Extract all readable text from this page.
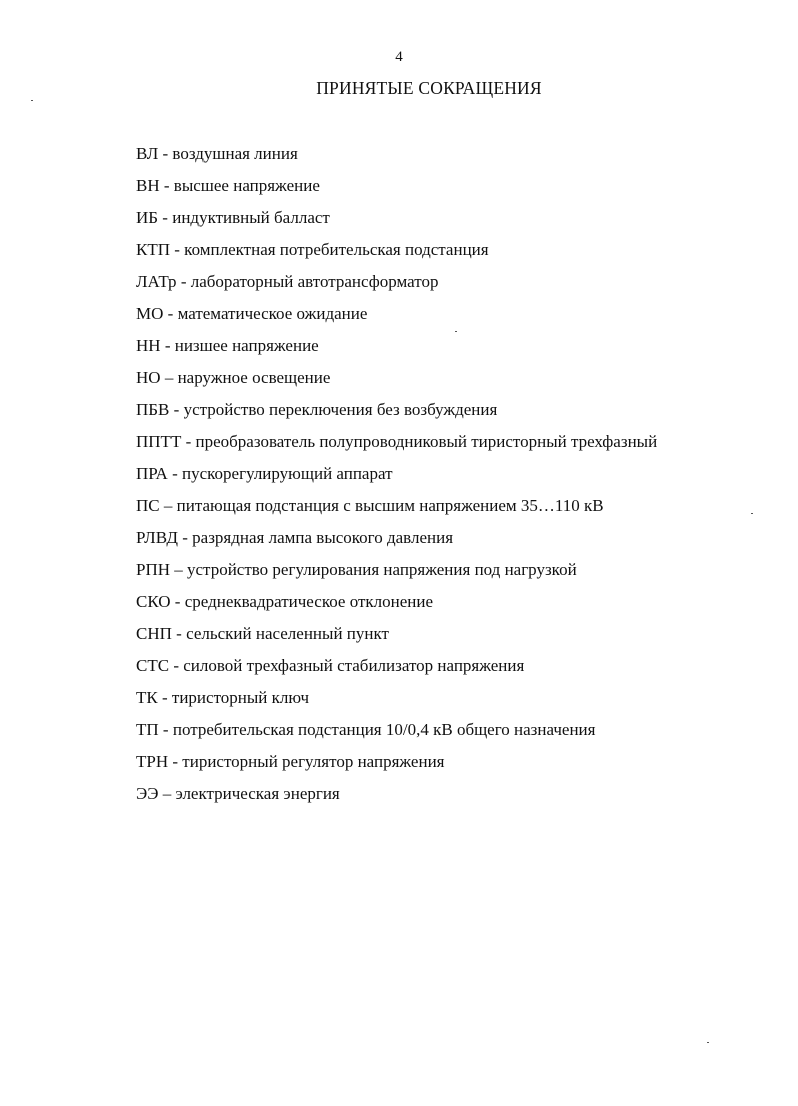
4
ПРИНЯТЫЕ СОКРАЩЕНИЯ
ВЛ - воздушная линия
ВН - высшее напряжение
ИБ - индуктивный балласт
КТП - комплектная потребительская подстанция
ЛАТр - лабораторный автотрансформатор
МО - математическое ожидание
НН - низшее напряжение
НО – наружное освещение
ПБВ - устройство переключения без возбуждения
ППТТ - преобразователь полупроводниковый тиристорный трехфазный
ПРА - пускорегулирующий аппарат
ПС – питающая подстанция с высшим напряжением 35…110 кВ
РЛВД - разрядная лампа высокого давления
РПН – устройство регулирования напряжения под нагрузкой
СКО - среднеквадратическое отклонение
СНП - сельский населенный пункт
СТС - силовой трехфазный стабилизатор напряжения
ТК - тиристорный ключ
ТП - потребительская подстанция 10/0,4 кВ общего назначения
ТРН - тиристорный регулятор напряжения
ЭЭ – электрическая энергия
